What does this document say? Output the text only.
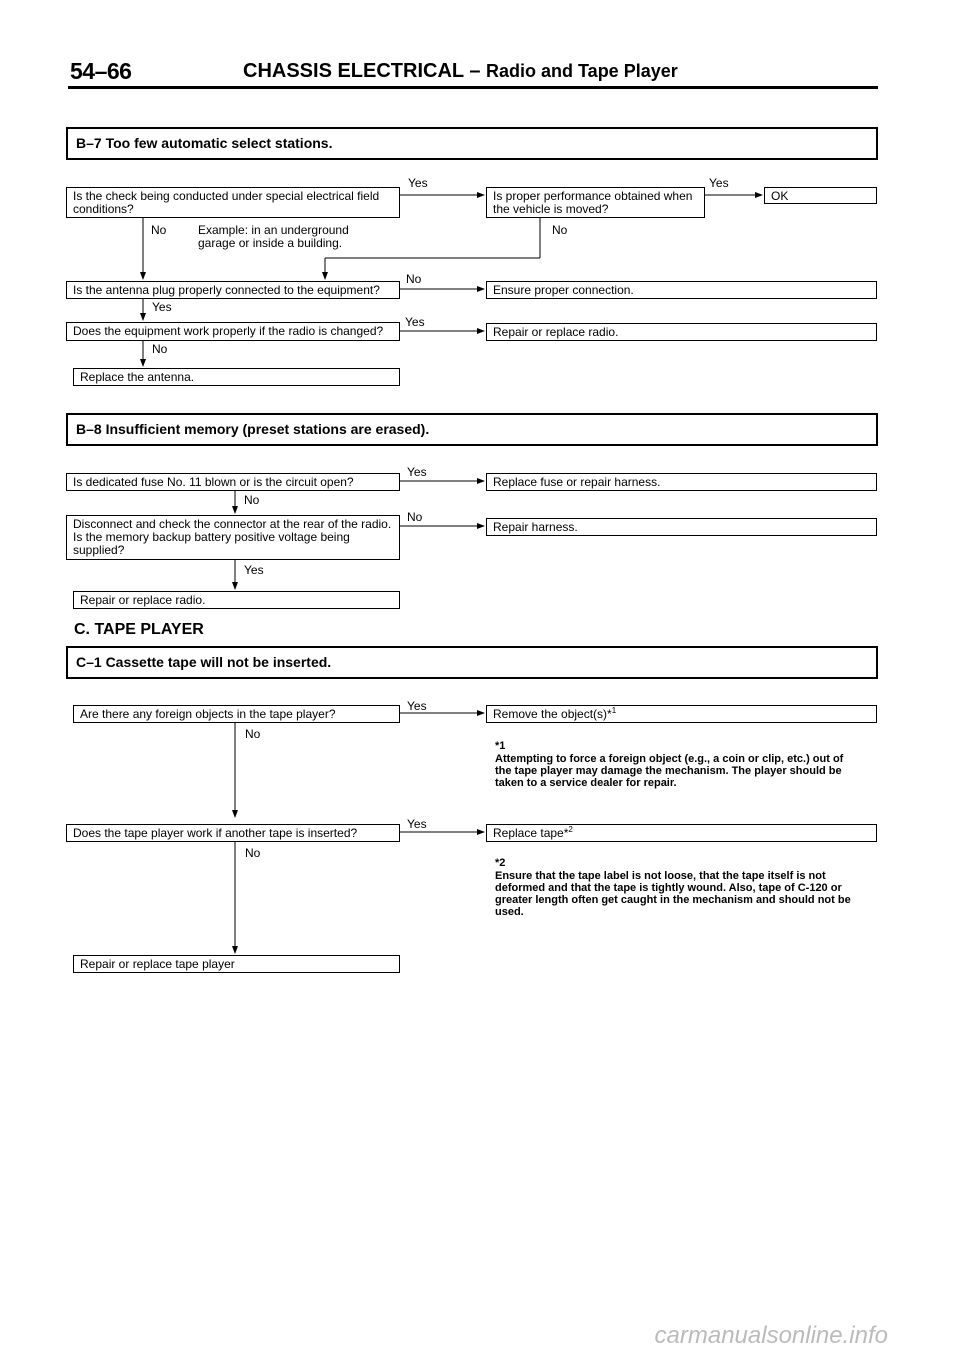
54–66	CHASSIS ELECTRICAL – Radio and Tape Player
B–7 Too few automatic select stations.
Is the check being conducted under special electrical field conditions?
Yes
Is proper performance obtained when the vehicle is moved?
Yes
OK
No	Example: in an underground garage or inside a building.
No
Is the antenna plug properly connected to the equipment?
No
Ensure proper connection.
Yes
Does the equipment work properly if the radio is changed?
Yes
Repair or replace radio.
No
Replace the antenna.
B–8 Insufficient memory (preset stations are erased).
Is dedicated fuse No. 11 blown or is the circuit open?
Yes
Replace fuse or repair harness.
No
Disconnect and check the connector at the rear of the radio. Is the memory backup battery positive voltage being supplied?
No
Repair harness.
Yes
Repair or replace radio.
C. TAPE PLAYER
C–1 Cassette tape will not be inserted.
Are there any foreign objects in the tape player?
Yes
Remove the object(s)*$^1$
No
*1
Attempting to force a foreign object (e.g., a coin or clip, etc.) out of the tape player may damage the mechanism. The player should be taken to a service dealer for repair.
Does the tape player work if another tape is inserted?
Yes
Replace tape*$^2$
No
*2
Ensure that the tape label is not loose, that the tape itself is not deformed and that the tape is tightly wound. Also, tape of C-120 or greater length often get caught in the mechanism and should not be used.
Repair or replace tape player
carmanualsonline.info
